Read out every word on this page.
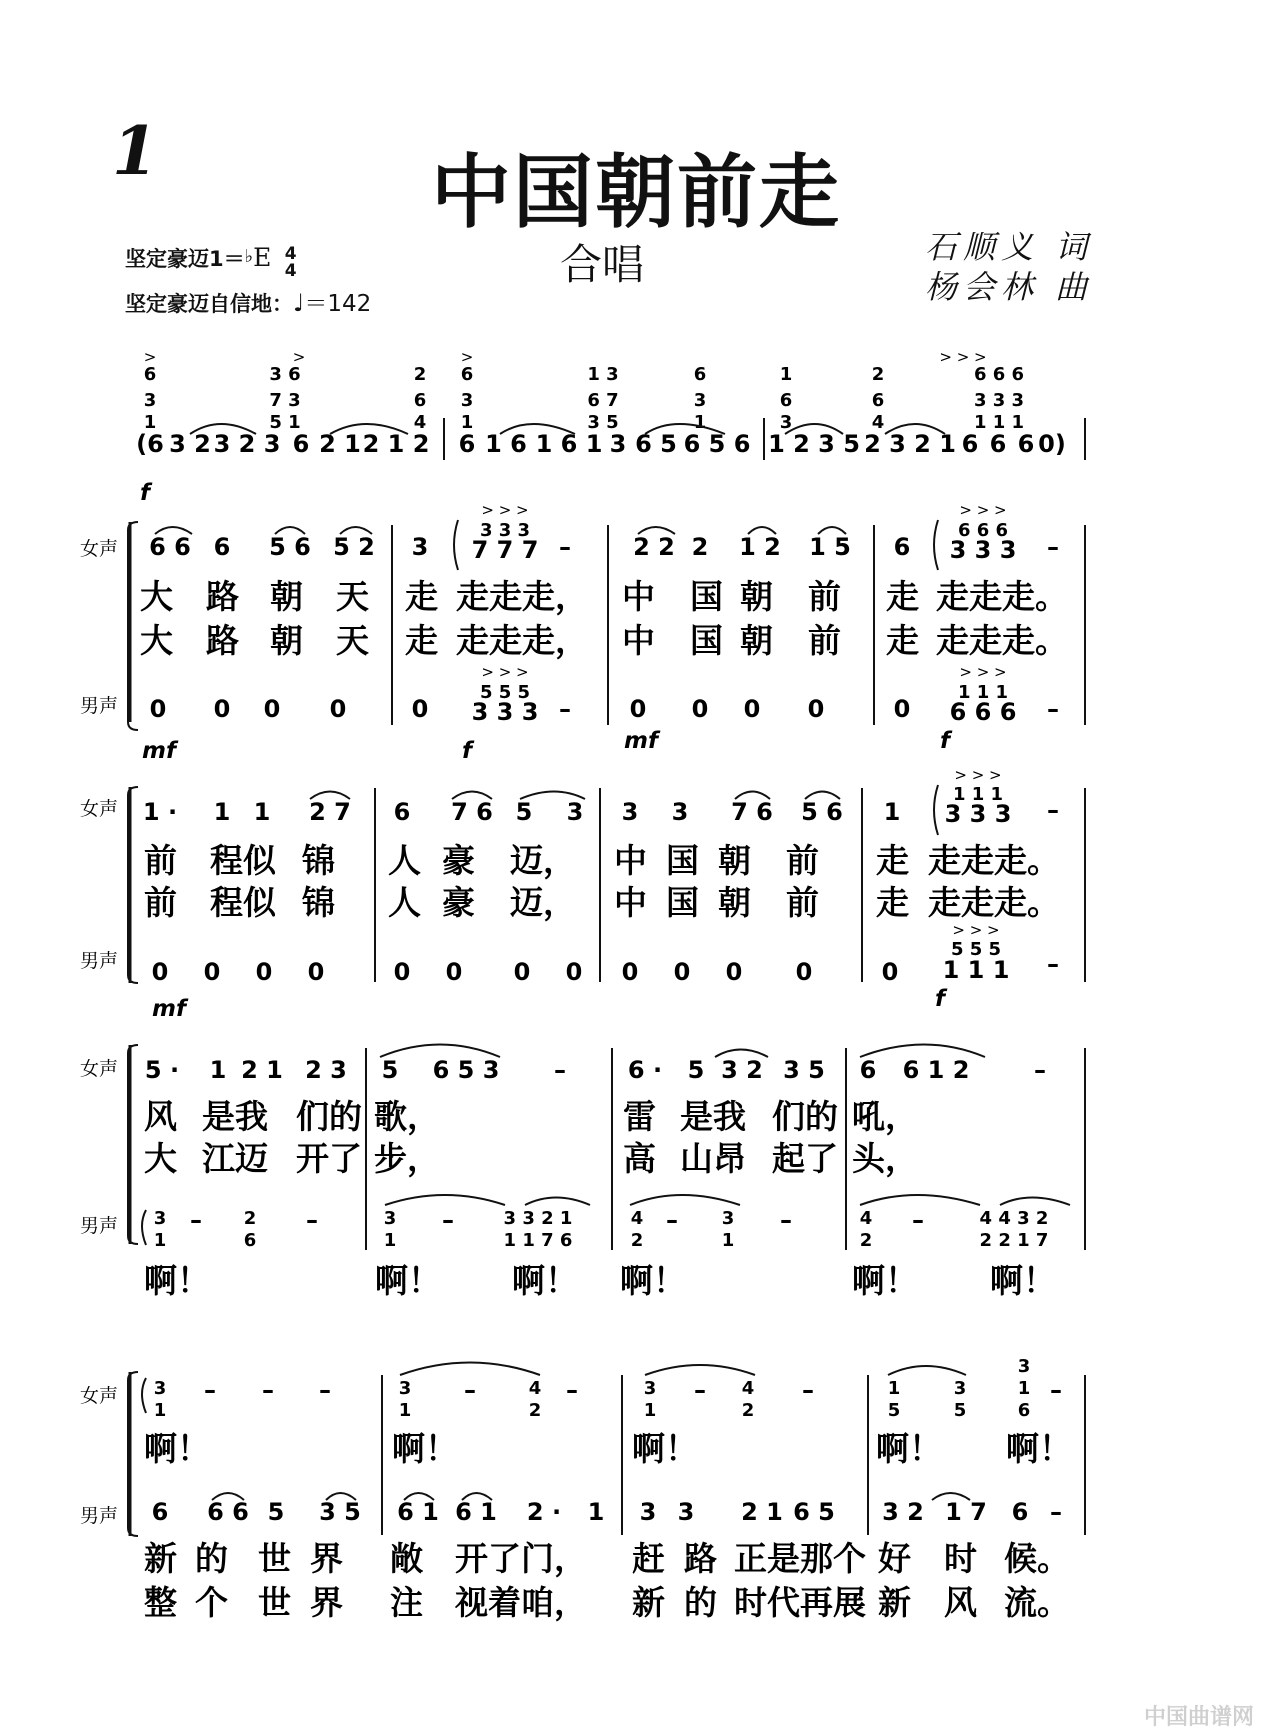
1	中国朝前走
合唱	石顺义 词
杨会林 曲
坚定豪迈1＝♭E 4
4
坚定豪迈自信地：♩＝142
>	>	>	> > >
6	3 6	2 6	1 3	6	1	2	6 6 6
3	7 3	6 3	6 7	3	6	6	3 3 3
1	5 1	4 1	3 5	1	3	4	1 1 1
(6 3 2 3 2 3 6 2 1 2 1 2 6 1 6 1 6 1 3 6 5 6 5 6 1 2 3 5 2 3 2 1 6 6 6 0)
f
女声
男声
6 6 6 5 6 5 2 3
> > >
3 3 3
7 7 7 –	2 2 2 1 2 1 5 6
> > >
6 6 6
3 3 3 –
大 路 朝 天 走 走走走， 中 国 朝 前 走 走走走。
大 路 朝 天 走 走走走， 中 国 朝 前 走 走走走。
0 0 0 0	0
> > >
5 5 5
3 3 3 – 0 0 0 0	0
> > >
1 1 1
6 6 6 –
mf	f	mf	f
女声
男声
1 · 1 1 2 7 6 7 6 5 3 3 3 7 6 5 6 1
> > >
1 1 1
3 3 3 –
前 程似 锦 人 豪 迈， 中 国 朝 前 走 走走走。
前 程似 锦 人 豪 迈， 中 国 朝 前 走 走走走。
0 0 0 0	0 0 0 0 0 0 0 0	0
> > >
5 5 5
1 1 1 –
mf	f
女声
男声
5 · 1 2 1 2 3 5 6 5 3 –	6 · 5 3 2 3 5 6 6 1 2	–
风 是我 们的 歌，	雷 是我 们的 吼，
大 江迈 开了 步，	高 山昂 起了 头，
3 – 2 –	3 –	3 3 2 1	4 – 3 –	4 –	4 4 3 2
1	6	1	1 1 7 6	2	1	2	2 2 1 7
啊！	啊！ 啊！ 啊！	啊！ 啊！
女声
男声
3 – – –	3 –	4 –	3 – 4 –	1	3
3
1 –
1	1	2	1	2	5	5	6
啊！	啊！	啊！	啊！ 啊！
6 6 6 5 3 5 6 1 6 1 2 · 1 3 3 2 1 6 5 3 2 1 7 6 –
新 的 世 界 敞 开了门， 赶 路 正是那个 好 时 候。
整 个 世 界 注 视着咱， 新 的 时代再展 新 风 流。
中国曲谱网
